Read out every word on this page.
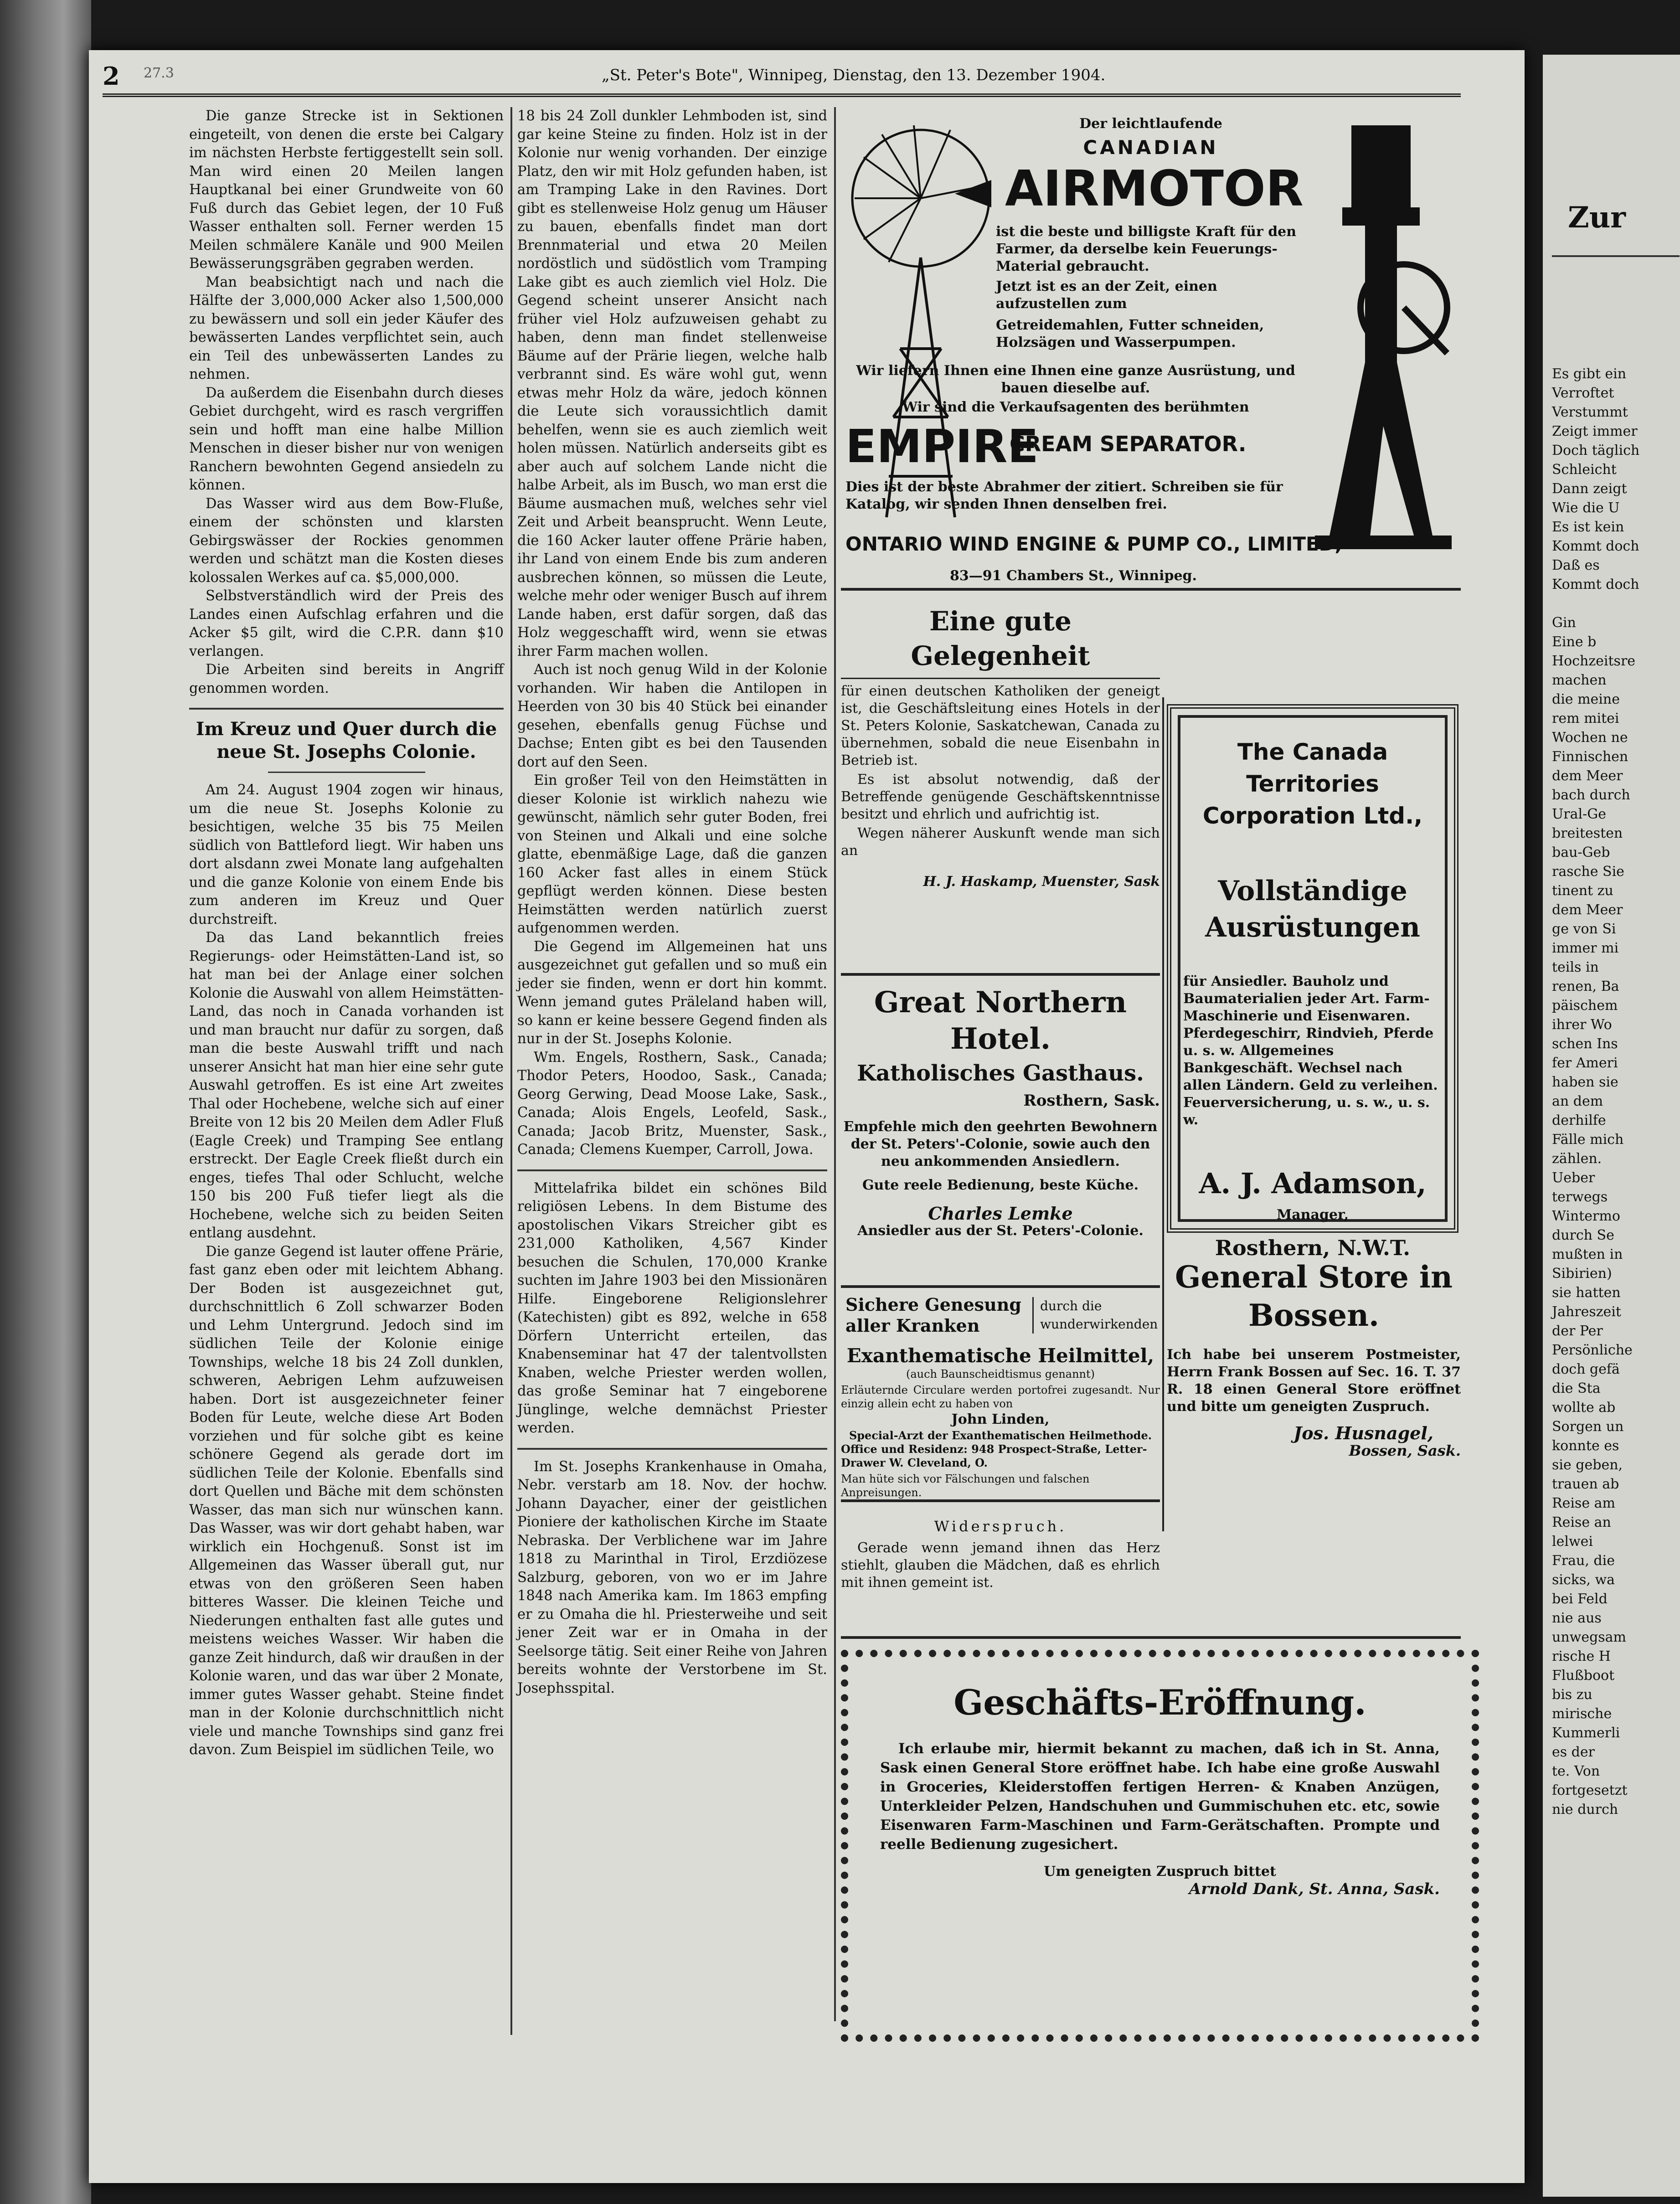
Zur
Es gibt ein
Verroftet
Verstummt
Zeigt immer
Doch täglich
Schleicht
Dann zeigt
Wie die U
Es ist kein
Kommt doch
Daß es
Kommt doch

Gin
Eine b
Hochzeitsre
machen
die meine
rem mitei
Wochen ne
Finnischen
dem Meer
bach durch
Ural-Ge
breitesten
bau-Geb
rasche Sie
tinent zu
dem Meer
ge von Si
immer mi
teils in
renen, Ba
päischem
ihrer Wo
schen Ins
fer Ameri
haben sie
an dem
derhilfe
Fälle mich
zählen.
Ueber
terwegs
Wintermo
durch Se
mußten in
Sibirien)
sie hatten
Jahreszeit
der Per
Persönliche
doch gefä
die Sta
wollte ab
Sorgen un
konnte es
sie geben,
trauen ab
Reise am
Reise an
lelwei
Frau, die
sicks, wa
bei Feld
nie aus
unwegsam
rische H
Flußboot
bis zu
mirische
Kummerli
es der
te. Von
fortgesetzt
nie durch
2 27.3	„St. Peter's Bote", Winnipeg, Dienstag, den 13. Dezember 1904.

Die ganze Strecke ist in Sektionen eingeteilt, von denen die erste bei Calgary im nächsten Herbste fertiggestellt sein soll. Man wird einen 20 Meilen langen Hauptkanal bei einer Grundweite von 60 Fuß durch das Gebiet legen, der 10 Fuß Wasser enthalten soll. Ferner werden 15 Meilen schmälere Kanäle und 900 Meilen Bewässerungsgräben gegraben werden.

Man beabsichtigt nach und nach die Hälfte der 3,000,000 Acker also 1,500,000 zu bewässern und soll ein jeder Käufer des bewässerten Landes verpflichtet sein, auch ein Teil des unbewässerten Landes zu nehmen.

Da außerdem die Eisenbahn durch dieses Gebiet durchgeht, wird es rasch vergriffen sein und hofft man eine halbe Million Menschen in dieser bisher nur von wenigen Ranchern bewohnten Gegend ansiedeln zu können.

Das Wasser wird aus dem Bow-Fluße, einem der schönsten und klarsten Gebirgswässer der Rockies genommen werden und schätzt man die Kosten dieses kolossalen Werkes auf ca. $5,000,000.

Selbstverständlich wird der Preis des Landes einen Aufschlag erfahren und die Acker $5 gilt, wird die C.P.R. dann $10 verlangen.

Die Arbeiten sind bereits in Angriff genommen worden.

Im Kreuz und Quer durch die neue St. Josephs Colonie.

Am 24. August 1904 zogen wir hinaus, um die neue St. Josephs Kolonie zu besichtigen, welche 35 bis 75 Meilen südlich von Battleford liegt. Wir haben uns dort alsdann zwei Monate lang aufgehalten und die ganze Kolonie von einem Ende bis zum anderen im Kreuz und Quer durchstreift.

Da das Land bekanntlich freies Regierungs- oder Heimstätten-Land ist, so hat man bei der Anlage einer solchen Kolonie die Auswahl von allem Heimstätten-Land, das noch in Canada vorhanden ist und man braucht nur dafür zu sorgen, daß man die beste Auswahl trifft und nach unserer Ansicht hat man hier eine sehr gute Auswahl getroffen. Es ist eine Art zweites Thal oder Hochebene, welche sich auf einer Breite von 12 bis 20 Meilen dem Adler Fluß (Eagle Creek) und Tramping See entlang erstreckt. Der Eagle Creek fließt durch ein enges, tiefes Thal oder Schlucht, welche 150 bis 200 Fuß tiefer liegt als die Hochebene, welche sich zu beiden Seiten entlang ausdehnt.

Die ganze Gegend ist lauter offene Prärie, fast ganz eben oder mit leichtem Abhang. Der Boden ist ausgezeichnet gut, durchschnittlich 6 Zoll schwarzer Boden und Lehm Untergrund. Jedoch sind im südlichen Teile der Kolonie einige Townships, welche 18 bis 24 Zoll dunklen, schweren, Aebrigen Lehm aufzuweisen haben. Dort ist ausgezeichneter feiner Boden für Leute, welche diese Art Boden vorziehen und für solche gibt es keine schönere Gegend als gerade dort im südlichen Teile der Kolonie. Ebenfalls sind dort Quellen und Bäche mit dem schönsten Wasser, das man sich nur wünschen kann. Das Wasser, was wir dort gehabt haben, war wirklich ein Hochgenuß. Sonst ist im Allgemeinen das Wasser überall gut, nur etwas von den größeren Seen haben bitteres Wasser. Die kleinen Teiche und Niederungen enthalten fast alle gutes und meistens weiches Wasser. Wir haben die ganze Zeit hindurch, daß wir draußen in der Kolonie waren, und das war über 2 Monate, immer gutes Wasser gehabt. Steine findet man in der Kolonie durchschnittlich nicht viele und manche Townships sind ganz frei davon. Zum Beispiel im südlichen Teile, wo

18 bis 24 Zoll dunkler Lehmboden ist, sind gar keine Steine zu finden. Holz ist in der Kolonie nur wenig vorhanden. Der einzige Platz, den wir mit Holz gefunden haben, ist am Tramping Lake in den Ravines. Dort gibt es stellenweise Holz genug um Häuser zu bauen, ebenfalls findet man dort Brennmaterial und etwa 20 Meilen nordöstlich und südöstlich vom Tramping Lake gibt es auch ziemlich viel Holz. Die Gegend scheint unserer Ansicht nach früher viel Holz aufzuweisen gehabt zu haben, denn man findet stellenweise Bäume auf der Prärie liegen, welche halb verbrannt sind. Es wäre wohl gut, wenn etwas mehr Holz da wäre, jedoch können die Leute sich voraussichtlich damit behelfen, wenn sie es auch ziemlich weit holen müssen. Natürlich anderseits gibt es aber auch auf solchem Lande nicht die halbe Arbeit, als im Busch, wo man erst die Bäume ausmachen muß, welches sehr viel Zeit und Arbeit beansprucht. Wenn Leute, die 160 Acker lauter offene Prärie haben, ihr Land von einem Ende bis zum anderen ausbrechen können, so müssen die Leute, welche mehr oder weniger Busch auf ihrem Lande haben, erst dafür sorgen, daß das Holz weggeschafft wird, wenn sie etwas ihrer Farm machen wollen.

Auch ist noch genug Wild in der Kolonie vorhanden. Wir haben die Antilopen in Heerden von 30 bis 40 Stück bei einander gesehen, ebenfalls genug Füchse und Dachse; Enten gibt es bei den Tausenden dort auf den Seen.

Ein großer Teil von den Heimstätten in dieser Kolonie ist wirklich nahezu wie gewünscht, nämlich sehr guter Boden, frei von Steinen und Alkali und eine solche glatte, ebenmäßige Lage, daß die ganzen 160 Acker fast alles in einem Stück gepflügt werden können. Diese besten Heimstätten werden natürlich zuerst aufgenommen werden.

Die Gegend im Allgemeinen hat uns ausgezeichnet gut gefallen und so muß ein jeder sie finden, wenn er dort hin kommt. Wenn jemand gutes Präleland haben will, so kann er keine bessere Gegend finden als nur in der St. Josephs Kolonie.

Wm. Engels, Rosthern, Sask., Canada; Thodor Peters, Hoodoo, Sask., Canada; Georg Gerwing, Dead Moose Lake, Sask., Canada; Alois Engels, Leofeld, Sask., Canada; Jacob Britz, Muenster, Sask., Canada; Clemens Kuemper, Carroll, Jowa.

Mittelafrika bildet ein schönes Bild religiösen Lebens. In dem Bistume des apostolischen Vikars Streicher gibt es 231,000 Katholiken, 4,567 Kinder besuchen die Schulen, 170,000 Kranke suchten im Jahre 1903 bei den Missionären Hilfe. Eingeborene Religionslehrer (Katechisten) gibt es 892, welche in 658 Dörfern Unterricht erteilen, das Knabenseminar hat 47 der talentvollsten Knaben, welche Priester werden wollen, das große Seminar hat 7 eingeborene Jünglinge, welche demnächst Priester werden.

Im St. Josephs Krankenhause in Omaha, Nebr. verstarb am 18. Nov. der hochw. Johann Dayacher, einer der geistlichen Pioniere der katholischen Kirche im Staate Nebraska. Der Verblichene war im Jahre 1818 zu Marinthal in Tirol, Erzdiözese Salzburg, geboren, von wo er im Jahre 1848 nach Amerika kam. Im 1863 empfing er zu Omaha die hl. Priesterweihe und seit jener Zeit war er in Omaha in der Seelsorge tätig. Seit einer Reihe von Jahren bereits wohnte der Verstorbene im St. Josephsspital.

Der leichtlaufende
CANADIAN
AIRMOTOR
ist die beste und billigste Kraft für den Farmer, da derselbe kein Feuerungs-Material gebraucht.
Jetzt ist es an der Zeit, einen aufzustellen zum
Getreidemahlen, Futter schneiden, Holzsägen und Wasserpumpen.
Wir liefern Ihnen eine Ihnen eine ganze Ausrüstung, und bauen dieselbe auf.
Wir sind die Verkaufsagenten des berühmten
EMPIRE
CREAM SEPARATOR.
Dies ist der beste Abrahmer der zitiert. Schreiben sie für Katalog, wir senden Ihnen denselben frei.
ONTARIO WIND ENGINE & PUMP CO., LIMITED,
83—91 Chambers St., Winnipeg.
Eine gute Gelegenheit
für einen deutschen Katholiken der geneigt ist, die Geschäftsleitung eines Hotels in der St. Peters Kolonie, Saskatchewan, Canada zu übernehmen, sobald die neue Eisenbahn in Betrieb ist.
Es ist absolut notwendig, daß der Betreffende genügende Geschäftskenntnisse besitzt und ehrlich und aufrichtig ist.
Wegen näherer Auskunft wende man sich an
H. J. Haskamp, Muenster, Sask
Great Northern Hotel.
Katholisches Gasthaus.
Rosthern, Sask.
Empfehle mich den geehrten Bewohnern der St. Peters'-Colonie, sowie auch den neu ankommenden Ansiedlern.
Gute reele Bedienung, beste Küche.
Charles Lemke
Ansiedler aus der St. Peters'-Colonie.
Sichere Genesung
aller Kranken
durch die wunderwirkenden
Exanthematische Heilmittel,
(auch Baunscheidtismus genannt)
Erläuternde Circulare werden portofrei zugesandt. Nur einzig allein echt zu haben von
John Linden,
Special-Arzt der Exanthematischen Heilmethode.
Office und Residenz: 948 Prospect-Straße, Letter-Drawer W. Cleveland, O.
Man hüte sich vor Fälschungen und falschen Anpreisungen.
Widerspruch.
Gerade wenn jemand ihnen das Herz stiehlt, glauben die Mädchen, daß es ehrlich mit ihnen gemeint ist.
The Canada Territories
Corporation Ltd.,
Vollständige
Ausrüstungen
für Ansiedler. Bauholz und Baumaterialien jeder Art. Farm-Maschinerie und Eisenwaren. Pferdegeschirr, Rindvieh, Pferde u. s. w. Allgemeines Bankgeschäft. Wechsel nach allen Ländern. Geld zu verleihen. Feuerversicherung, u. s. w., u. s. w.
A. J. Adamson,
Manager,
Rosthern, N.W.T.
General Store in
Bossen.
Ich habe bei unserem Postmeister, Herrn Frank Bossen auf Sec. 16. T. 37 R. 18 einen General Store eröffnet und bitte um geneigten Zuspruch.
Jos. Husnagel,
Bossen, Sask.
Geschäfts-Eröffnung.
Ich erlaube mir, hiermit bekannt zu machen, daß ich in St. Anna, Sask einen General Store eröffnet habe. Ich habe eine große Auswahl in Groceries, Kleiderstoffen fertigen Herren- & Knaben Anzügen, Unterkleider Pelzen, Handschuhen und Gummischuhen etc. etc, sowie Eisenwaren Farm-Maschinen und Farm-Gerätschaften. Prompte und reelle Bedienung zugesichert.
Um geneigten Zuspruch bittet
Arnold Dank, St. Anna, Sask.
